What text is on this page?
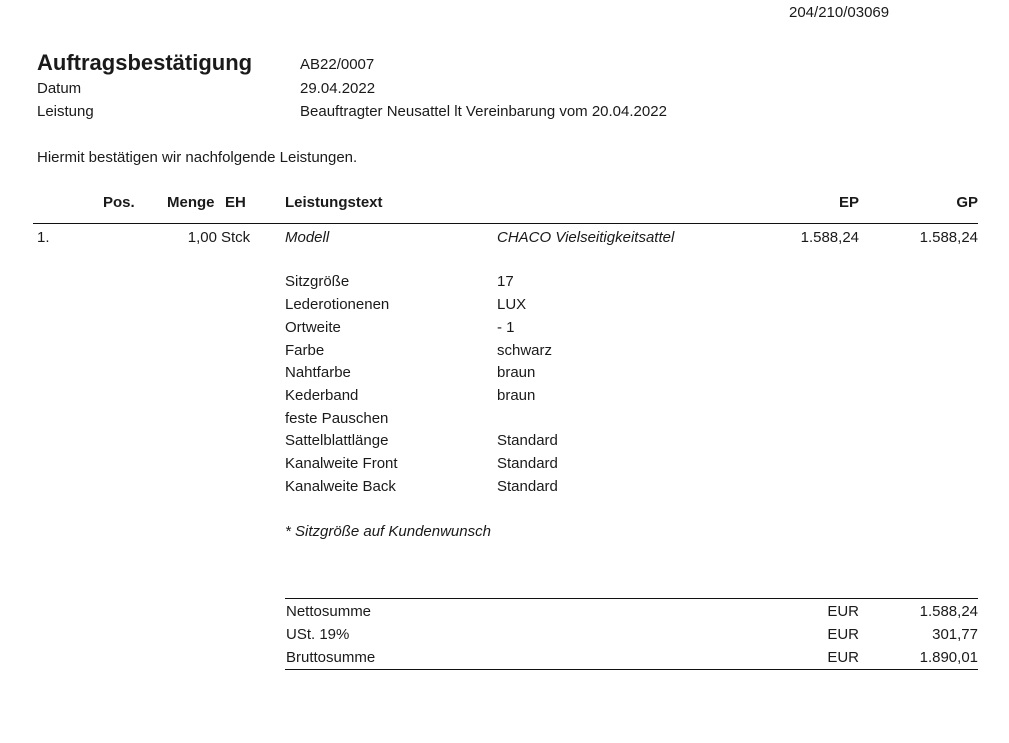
204/210/03069
Auftragsbestätigung	AB22/0007
Datum	29.04.2022
Leistung	Beauftragter Neusattel lt Vereinbarung vom 20.04.2022
Hiermit bestätigen wir nachfolgende Leistungen.
Pos. Menge EH	Leistungstext	EP	GP
1.	1,00 Stck Modell	CHACO Vielseitigkeitsattel	1.588,24	1.588,24
Sitzgröße	17
Lederotionenen	LUX
Ortweite	- 1
Farbe	schwarz
Nahtfarbe	braun
Kederband	braun
feste Pauschen
Sattelblattlänge	Standard
Kanalweite Front	Standard
Kanalweite Back	Standard
* Sitzgröße auf Kundenwunsch
Nettosumme	EUR	1.588,24
USt. 19%	EUR	301,77
Bruttosumme	EUR	1.890,01
